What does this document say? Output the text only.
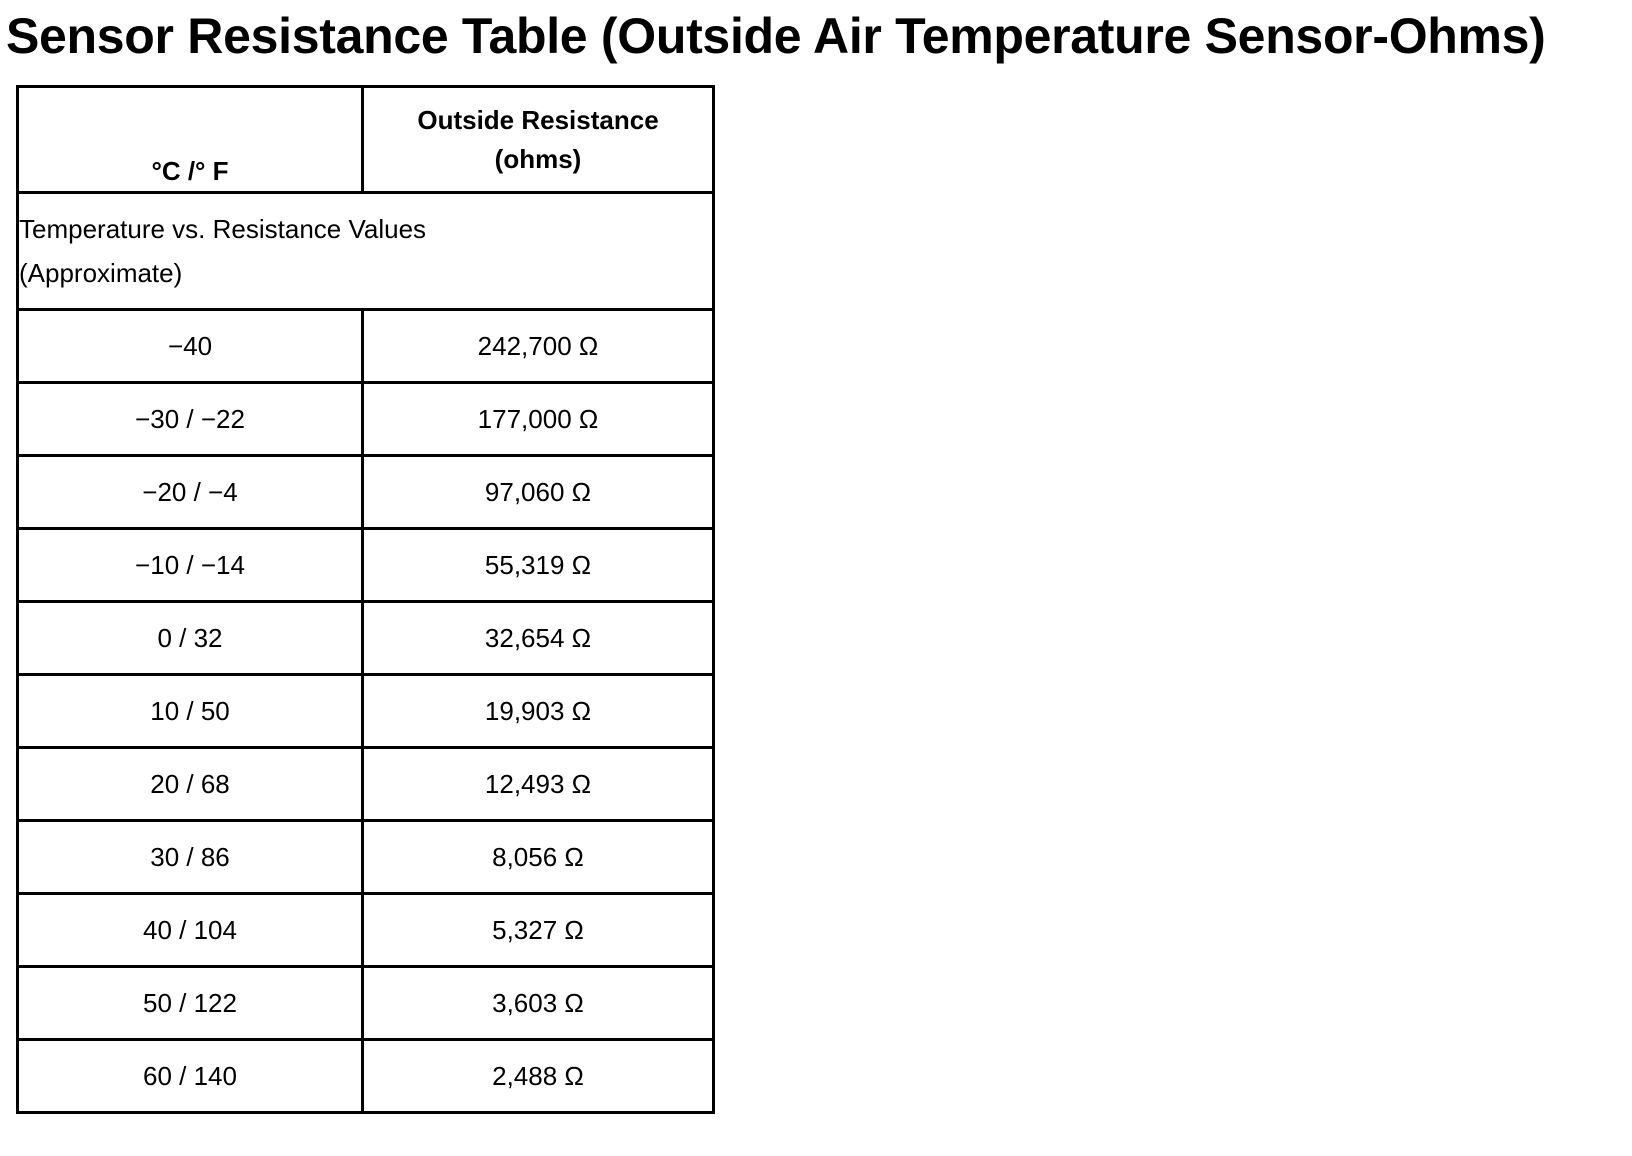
Sensor Resistance Table (Outside Air Temperature Sensor-Ohms)
°C /° F	Outside Resistance
(ohms)

Temperature vs. Resistance Values
(Approximate)	

−40	242,700 Ω
−30 / −22	177,000 Ω
−20 / −4	97,060 Ω
−10 / −14	55,319 Ω
0 / 32	32,654 Ω
10 / 50	19,903 Ω
20 / 68	12,493 Ω
30 / 86	8,056 Ω
40 / 104	5,327 Ω
50 / 122	3,603 Ω
60 / 140	2,488 Ω
